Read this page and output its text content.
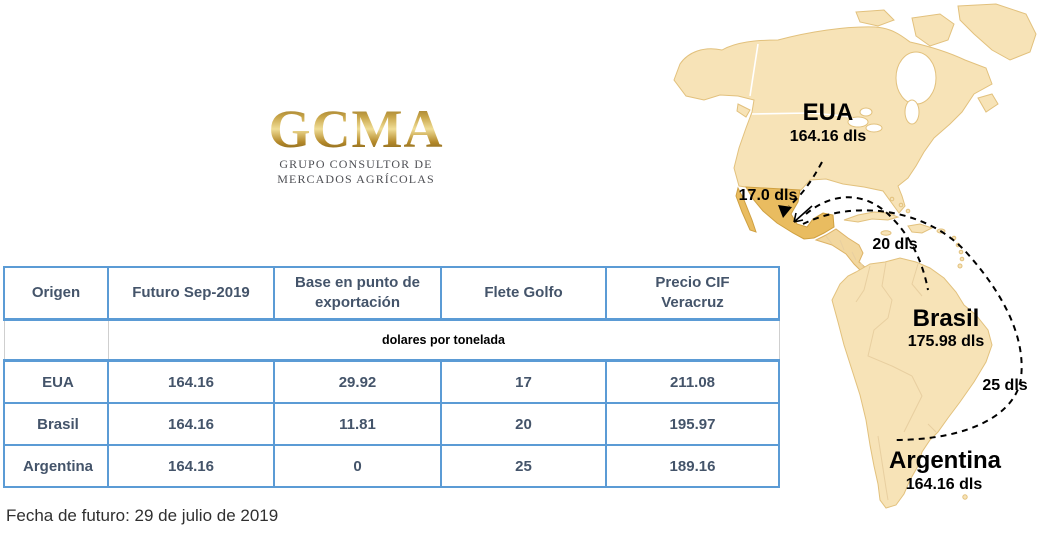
GCMA
GRUPO CONSULTOR DE
MERCADOS AGRÍCOLAS
Origen	Futuro Sep-2019	Base en punto de exportación	Flete Golfo	Precio CIF Veracruz
	dolares por tonelada			
EUA	164.16	29.92	17	211.08
Brasil	164.16	11.81	20	195.97
Argentina	164.16	0	25	189.16
Fecha de futuro: 29 de julio de 2019
EUA
164.16 dls
17.0 dls
20 dls
Brasil
175.98 dls
25 dls
Argentina
164.16 dls
